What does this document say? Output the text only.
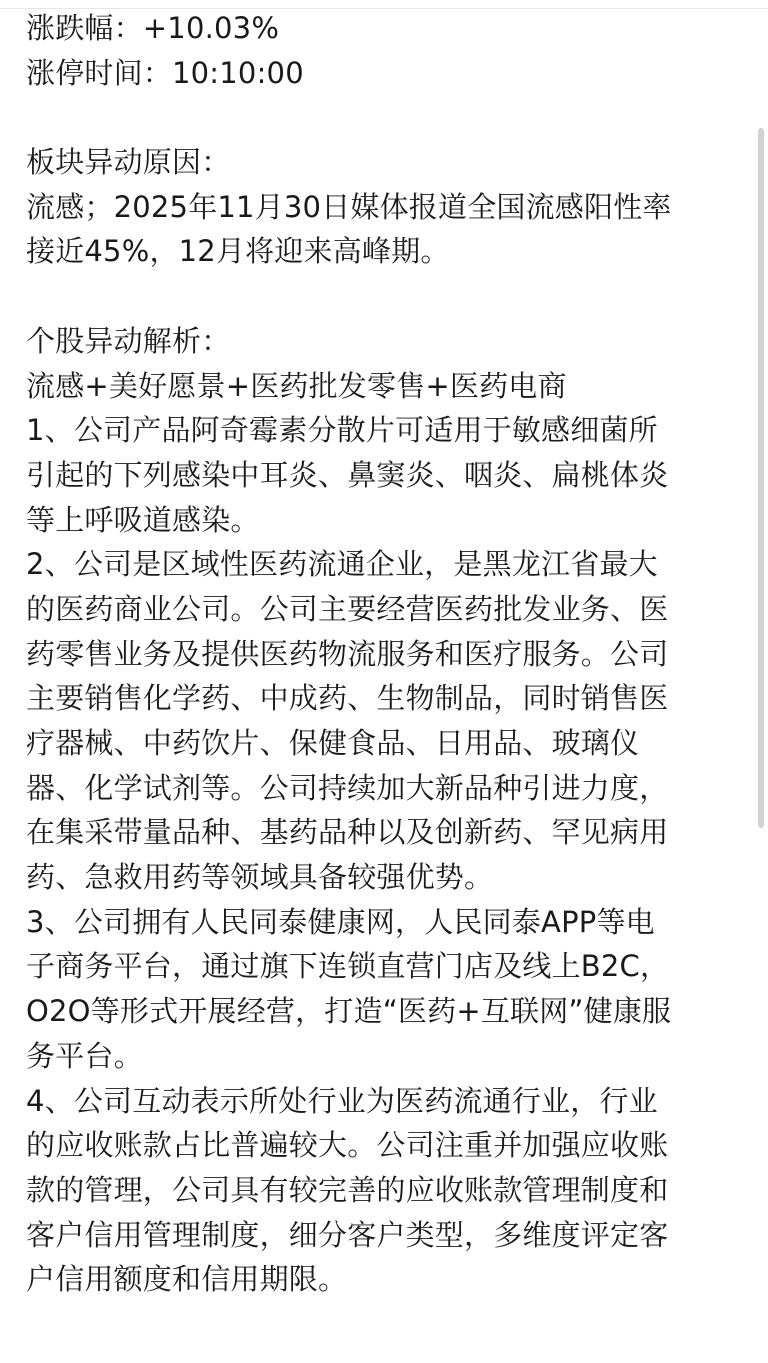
涨跌幅：+10.03%
涨停时间：10:10:00
板块异动原因：
流感；2025年11月30日媒体报道全国流感阳性率
接近45%，12月将迎来高峰期。
个股异动解析：
流感+美好愿景+医药批发零售+医药电商
1、公司产品阿奇霉素分散片可适用于敏感细菌所
引起的下列感染中耳炎、鼻窦炎、咽炎、扁桃体炎
等上呼吸道感染。
2、公司是区域性医药流通企业，是黑龙江省最大
的医药商业公司。公司主要经营医药批发业务、医
药零售业务及提供医药物流服务和医疗服务。公司
主要销售化学药、中成药、生物制品，同时销售医
疗器械、中药饮片、保健食品、日用品、玻璃仪
器、化学试剂等。公司持续加大新品种引进力度，
在集采带量品种、基药品种以及创新药、罕见病用
药、急救用药等领域具备较强优势。
3、公司拥有人民同泰健康网，人民同泰APP等电
子商务平台，通过旗下连锁直营门店及线上B2C，
O2O等形式开展经营，打造“医药+互联网”健康服
务平台。
4、公司互动表示所处行业为医药流通行业，行业
的应收账款占比普遍较大。公司注重并加强应收账
款的管理，公司具有较完善的应收账款管理制度和
客户信用管理制度，细分客户类型，多维度评定客
户信用额度和信用期限。
